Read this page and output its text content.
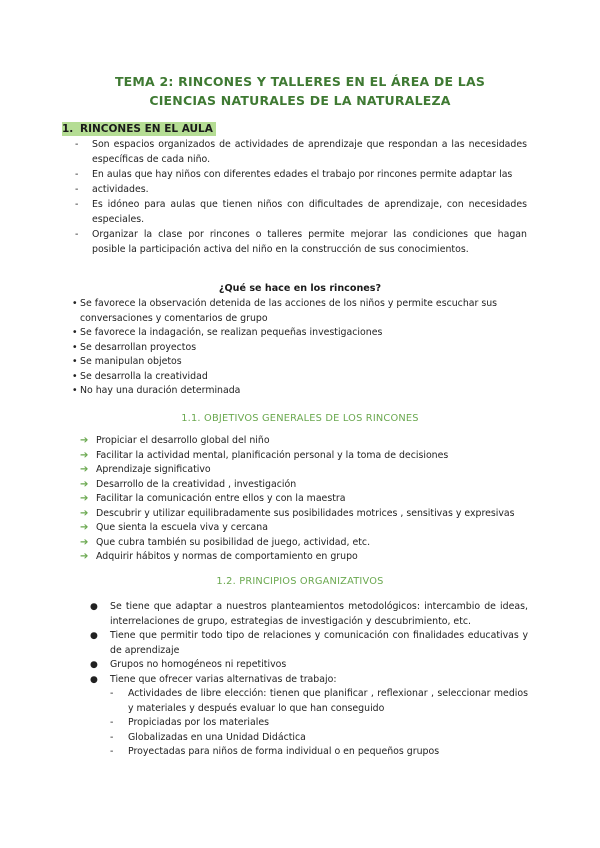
TEMA 2: RINCONES Y TALLERES EN EL ÁREA DE LAS
CIENCIAS NATURALES DE LA NATURALEZA
1. RINCONES EN EL AULA
- Son espacios organizados de actividades de aprendizaje que respondan a las necesidades específicas de cada niño.
- En aulas que hay niños con diferentes edades el trabajo por rincones permite adaptar las
- actividades.
- Es idóneo para aulas que tienen niños con dificultades de aprendizaje, con necesidades especiales.
- Organizar la clase por rincones o talleres permite mejorar las condiciones que hagan posible la participación activa del niño en la construcción de sus conocimientos.
¿Qué se hace en los rincones?
• Se favorece la observación detenida de las acciones de los niños y permite escuchar sus conversaciones y comentarios de grupo
• Se favorece la indagación, se realizan pequeñas investigaciones
• Se desarrollan proyectos
• Se manipulan objetos
• Se desarrolla la creatividad
• No hay una duración determinada
1.1. OBJETIVOS GENERALES DE LOS RINCONES
➔ Propiciar el desarrollo global del niño
➔ Facilitar la actividad mental, planificación personal y la toma de decisiones
➔ Aprendizaje significativo
➔ Desarrollo de la creatividad , investigación
➔ Facilitar la comunicación entre ellos y con la maestra
➔ Descubrir y utilizar equilibradamente sus posibilidades motrices , sensitivas y expresivas
➔ Que sienta la escuela viva y cercana
➔ Que cubra también su posibilidad de juego, actividad, etc.
➔ Adquirir hábitos y normas de comportamiento en grupo
1.2. PRINCIPIOS ORGANIZATIVOS
● Se tiene que adaptar a nuestros planteamientos metodológicos: intercambio de ideas, interrelaciones de grupo, estrategias de investigación y descubrimiento, etc.
● Tiene que permitir todo tipo de relaciones y comunicación con finalidades educativas y de aprendizaje
● Grupos no homogéneos ni repetitivos
● Tiene que ofrecer varias alternativas de trabajo:
- Actividades de libre elección: tienen que planificar , reflexionar , seleccionar medios y materiales y después evaluar lo que han conseguido
- Propiciadas por los materiales
- Globalizadas en una Unidad Didáctica
- Proyectadas para niños de forma individual o en pequeños grupos
